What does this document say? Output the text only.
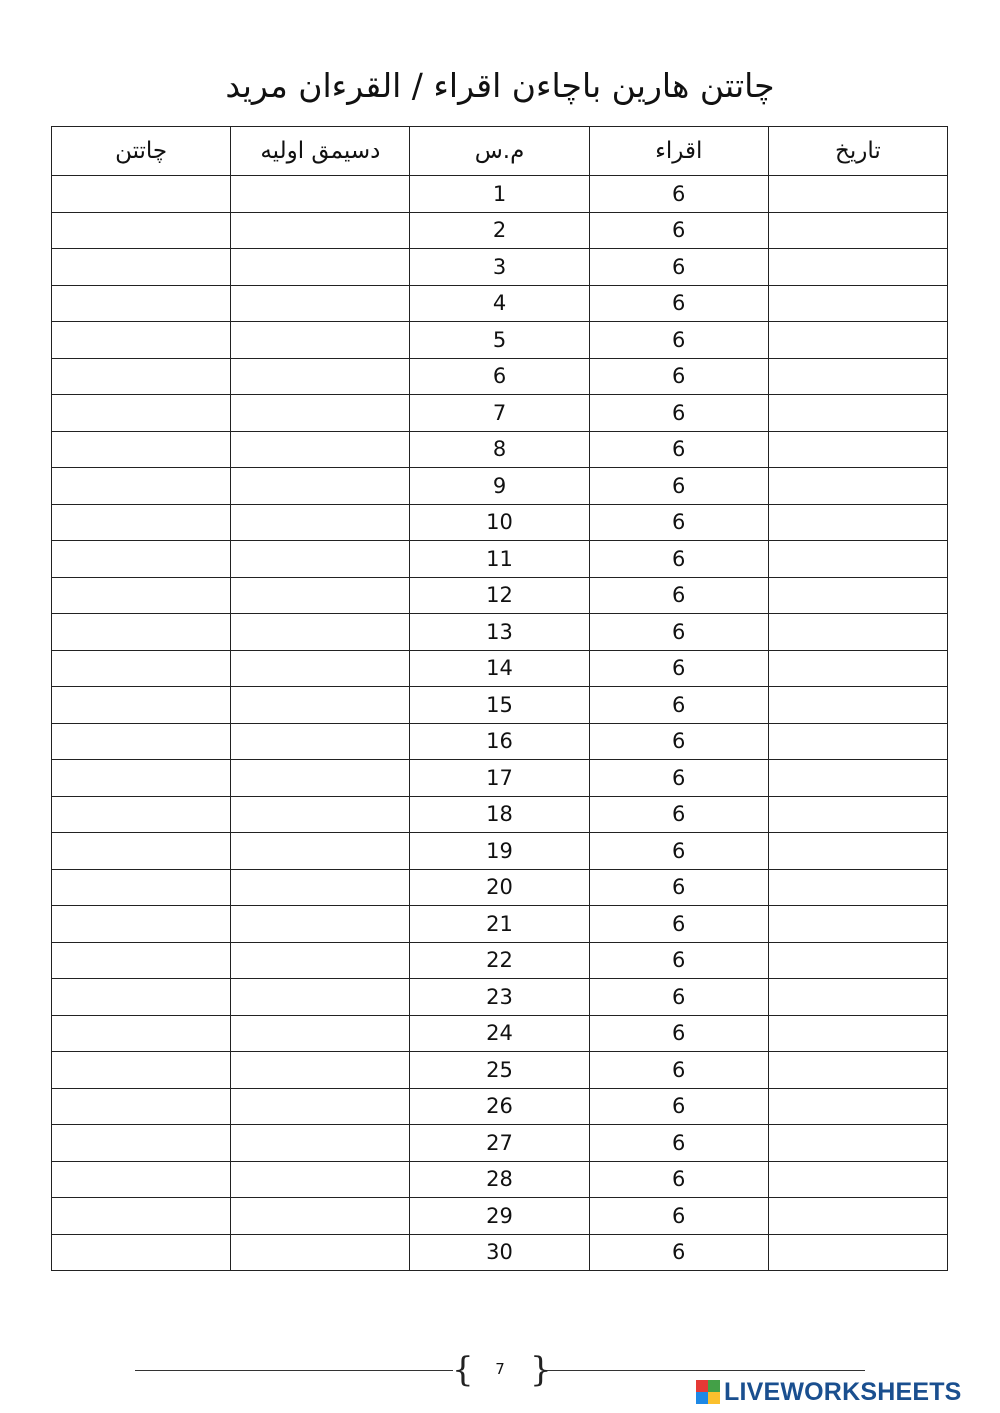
چاتتن هارين باچاءن اقراء / القرءان مريد
تاريخ	اقراء	م.س	دسيمق اوليه	چاتتن
	6	1		
	6	2		
	6	3		
	6	4		
	6	5		
	6	6		
	6	7		
	6	8		
	6	9		
	6	10		
	6	11		
	6	12		
	6	13		
	6	14		
	6	15		
	6	16		
	6	17		
	6	18		
	6	19		
	6	20		
	6	21		
	6	22		
	6	23		
	6	24		
	6	25		
	6	26		
	6	27		
	6	28		
	6	29		
	6	30		
{ }
7
LIVEWORKSHEETS
